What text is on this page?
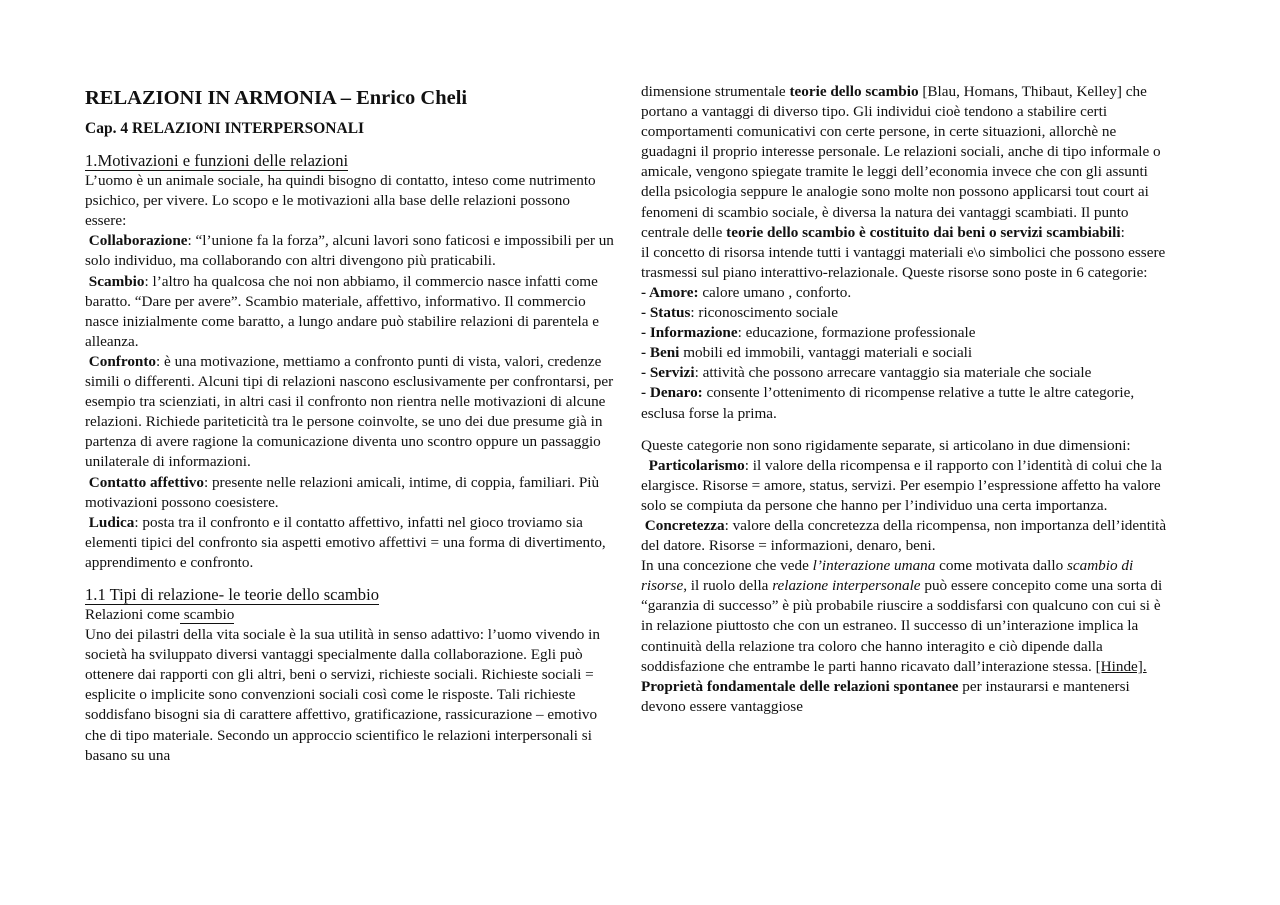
RELAZIONI IN ARMONIA – Enrico Cheli
Cap. 4 RELAZIONI INTERPERSONALI
1.Motivazioni e funzioni delle relazioni

L’uomo è un animale sociale, ha quindi bisogno di contatto, inteso come nutrimento psichico, per vivere. Lo scopo e le motivazioni alla base delle relazioni possono essere:

Collaborazione: “l’unione fa la forza”, alcuni lavori sono faticosi e impossibili per un solo individuo, ma collaborando con altri divengono più praticabili.

Scambio: l’altro ha qualcosa che noi non abbiamo, il commercio nasce infatti come baratto. “Dare per avere”. Scambio materiale, affettivo, informativo. Il commercio nasce inizialmente come baratto, a lungo andare può stabilire relazioni di parentela e alleanza.

Confronto: è una motivazione, mettiamo a confronto punti di vista, valori, credenze simili o differenti. Alcuni tipi di relazioni nascono esclusivamente per confrontarsi, per esempio tra scienziati, in altri casi il confronto non rientra nelle motivazioni di alcune relazioni. Richiede pariteticità tra le persone coinvolte, se uno dei due presume già in partenza di avere ragione la comunicazione diventa uno scontro oppure un passaggio unilaterale di informazioni.

Contatto affettivo: presente nelle relazioni amicali, intime, di coppia, familiari. Più motivazioni possono coesistere.

Ludica: posta tra il confronto e il contatto affettivo, infatti nel gioco troviamo sia elementi tipici del confronto sia aspetti emotivo affettivi = una forma di divertimento, apprendimento e confronto.

1.1 Tipi di relazione- le teorie dello scambio

Relazioni come scambio

Uno dei pilastri della vita sociale è la sua utilità in senso adattivo: l’uomo vivendo in società ha sviluppato diversi vantaggi specialmente dalla collaborazione. Egli può ottenere dai rapporti con gli altri, beni o servizi, richieste sociali. Richieste sociali = esplicite o implicite sono convenzioni sociali così come le risposte. Tali richieste soddisfano bisogni sia di carattere affettivo, gratificazione, rassicurazione – emotivo che di tipo materiale. Secondo un approccio scientifico le relazioni interpersonali si basano su una

dimensione strumentale teorie dello scambio [Blau, Homans, Thibaut, Kelley] che portano a vantaggi di diverso tipo. Gli individui cioè tendono a stabilire certi comportamenti comunicativi con certe persone, in certe situazioni, allorchè ne guadagni il proprio interesse personale. Le relazioni sociali, anche di tipo informale o amicale, vengono spiegate tramite le leggi dell’economia invece che con gli assunti della psicologia seppure le analogie sono molte non possono applicarsi tout court ai fenomeni di scambio sociale, è diversa la natura dei vantaggi scambiati. Il punto centrale delle teorie dello scambio è costituito dai beni o servizi scambiabili:

il concetto di risorsa intende tutti i vantaggi materiali e\o simbolici che possono essere trasmessi sul piano interattivo-relazionale. Queste risorse sono poste in 6 categorie:

- Amore: calore umano , conforto.

- Status: riconoscimento sociale

- Informazione: educazione, formazione professionale

- Beni mobili ed immobili, vantaggi materiali e sociali

- Servizi: attività che possono arrecare vantaggio sia materiale che sociale

- Denaro: consente l’ottenimento di ricompense relative a tutte le altre categorie, esclusa forse la prima.

Queste categorie non sono rigidamente separate, si articolano in due dimensioni:

Particolarismo: il valore della ricompensa e il rapporto con l’identità di colui che la elargisce. Risorse = amore, status, servizi. Per esempio l’espressione affetto ha valore solo se compiuta da persone che hanno per l’individuo una certa importanza.

Concretezza: valore della concretezza della ricompensa, non importanza dell’identità del datore. Risorse = informazioni, denaro, beni.

In una concezione che vede l’interazione umana come motivata dallo scambio di risorse, il ruolo della relazione interpersonale può essere concepito come una sorta di “garanzia di successo” è più probabile riuscire a soddisfarsi con qualcuno con cui si è in relazione piuttosto che con un estraneo. Il successo di un’interazione implica la continuità della relazione tra coloro che hanno interagito e ciò dipende dalla soddisfazione che entrambe le parti hanno ricavato dall’interazione stessa. [Hinde]. Proprietà fondamentale delle relazioni spontanee per instaurarsi e mantenersi devono essere vantaggiose
